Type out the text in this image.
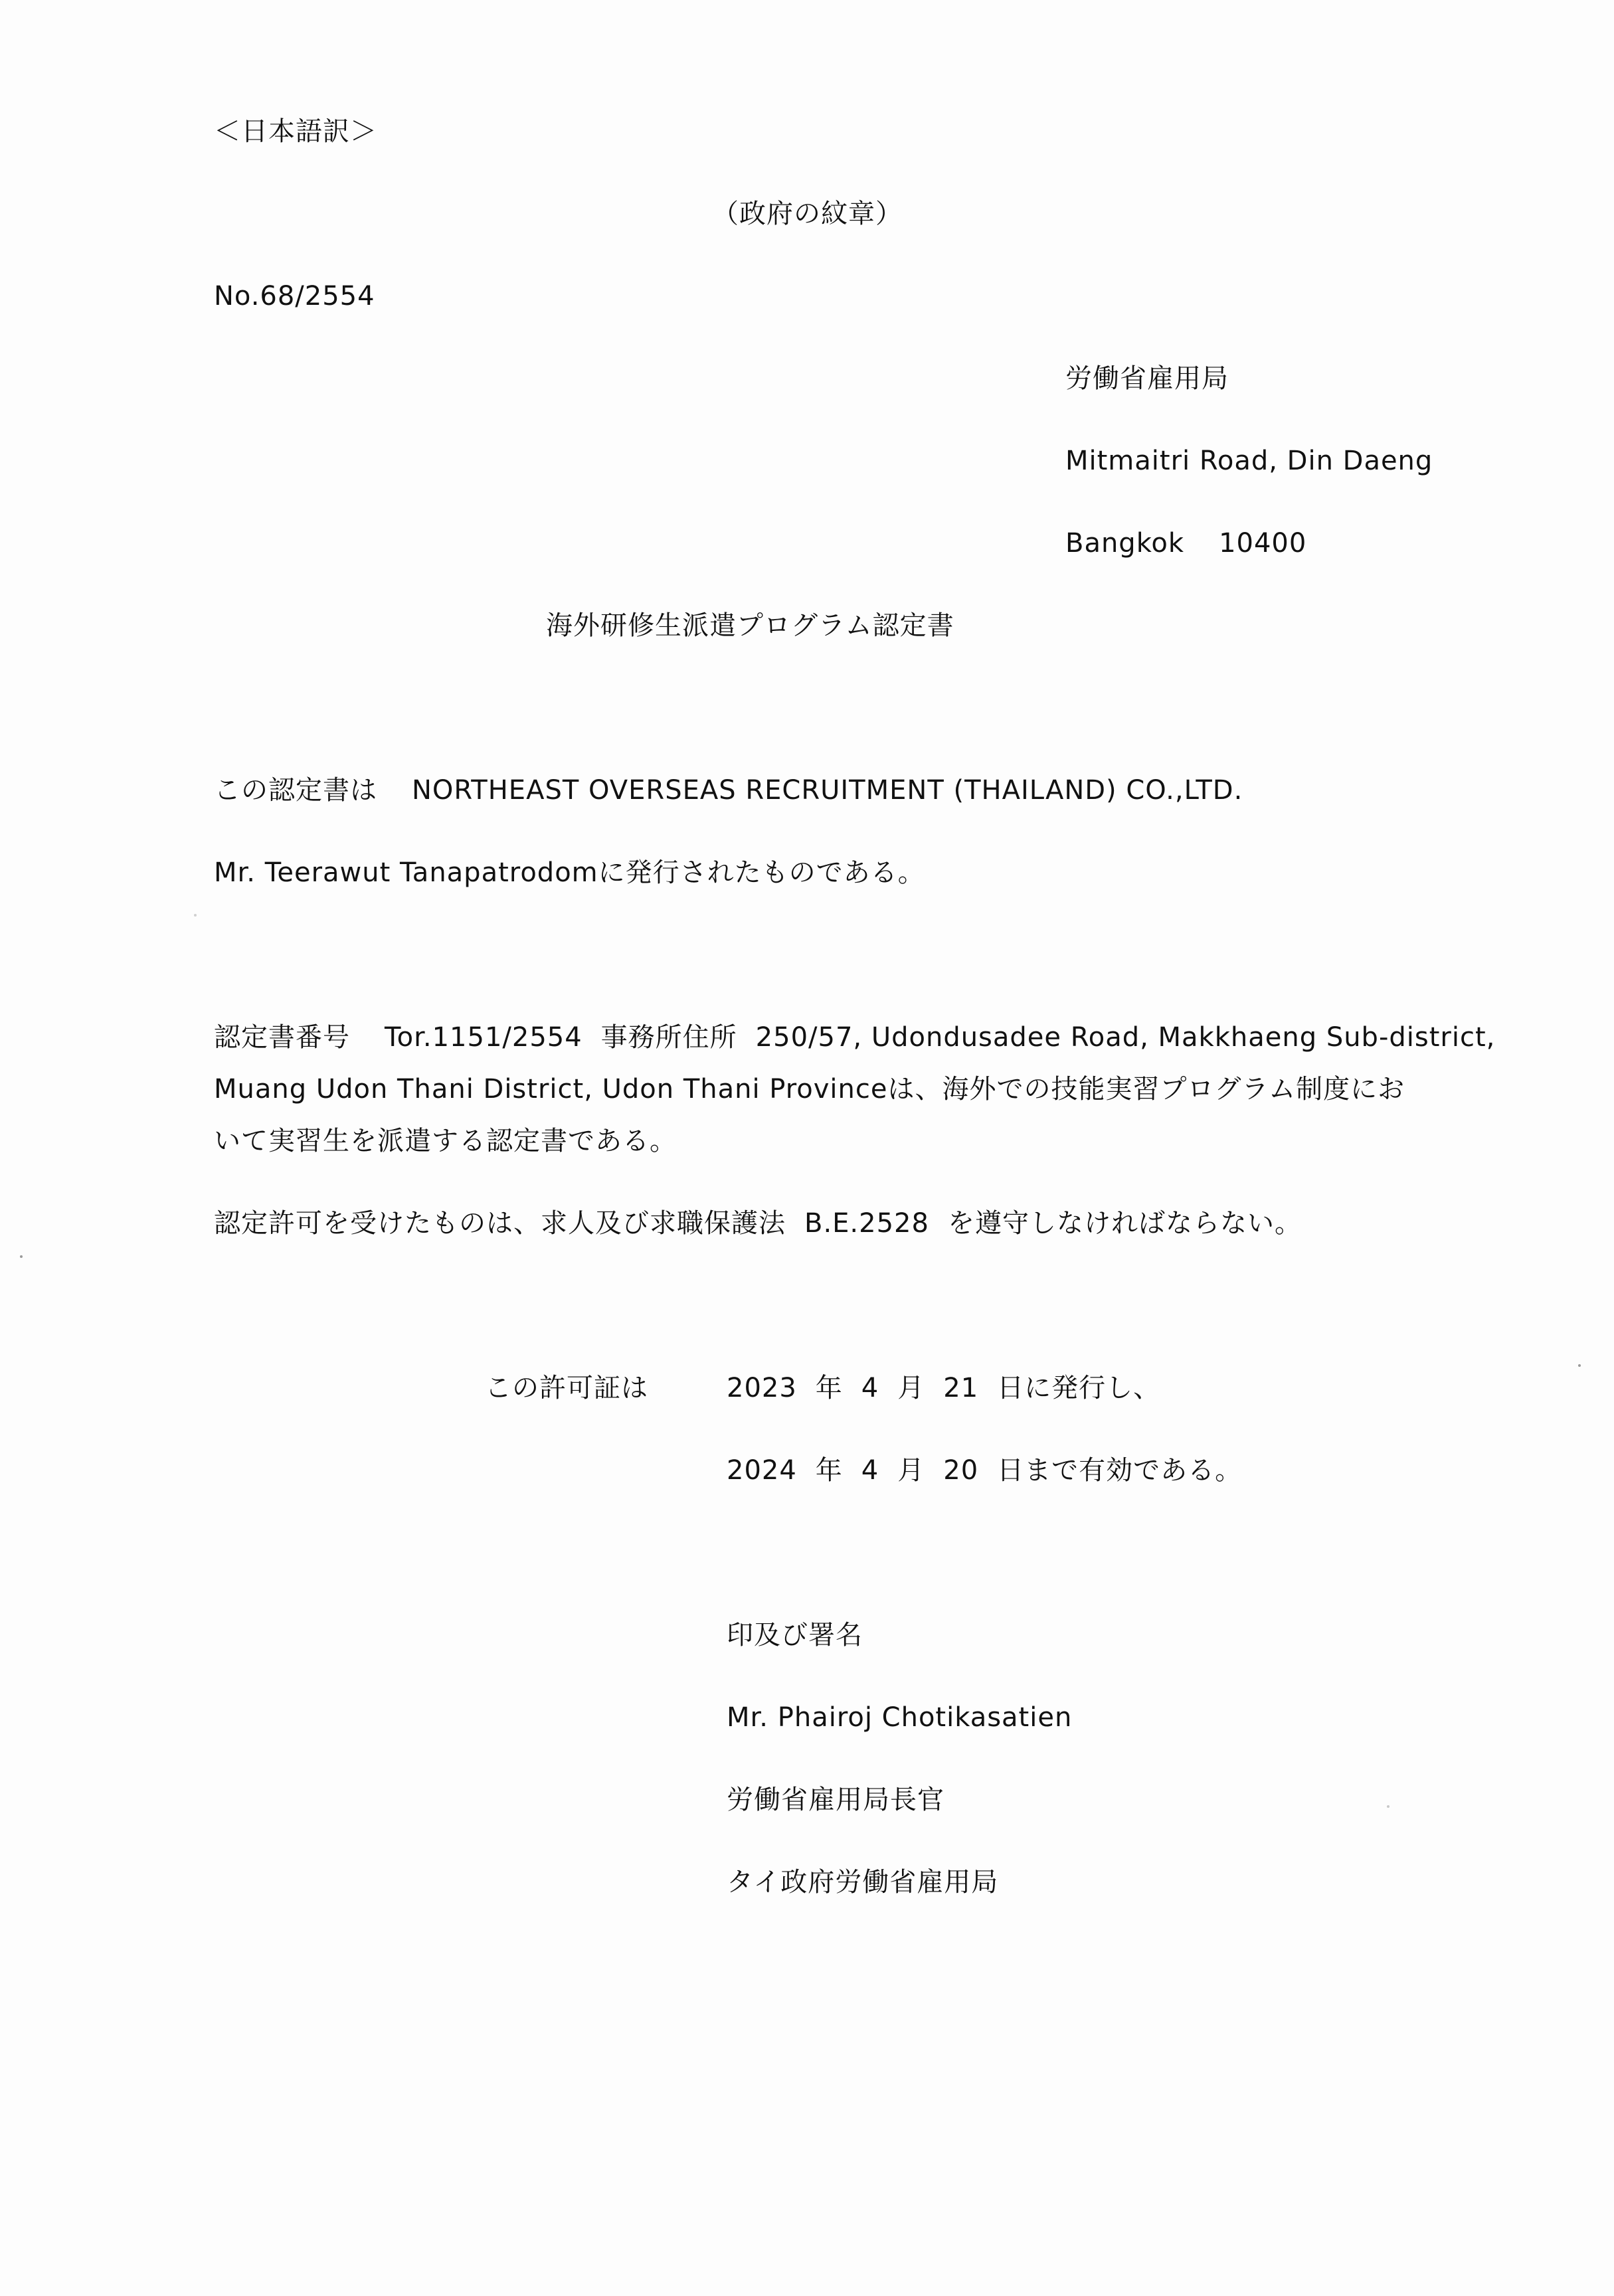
＜日本語訳＞
（政府の紋章）
No.68/2554
労働省雇用局
Mitmaitri Road, Din Daeng
Bangkok 10400
海外研修生派遣プログラム認定書
この認定書は NORTHEAST OVERSEAS RECRUITMENT (THAILAND) CO.,LTD.
Mr. Teerawut Tanapatrodomに発行されたものである。
認定書番号 Tor.1151/2554 事務所住所 250/57, Udondusadee Road, Makkhaeng Sub-district,
Muang Udon Thani District, Udon Thani Provinceは、海外での技能実習プログラム制度にお
いて実習生を派遣する認定書である。
認定許可を受けたものは、求人及び求職保護法 B.E.2528 を遵守しなければならない。
この許可証は	2023 年 4 月 21 日に発行し、
2024 年 4 月 20 日まで有効である。
印及び署名
Mr. Phairoj Chotikasatien
労働省雇用局長官
タイ政府労働省雇用局
